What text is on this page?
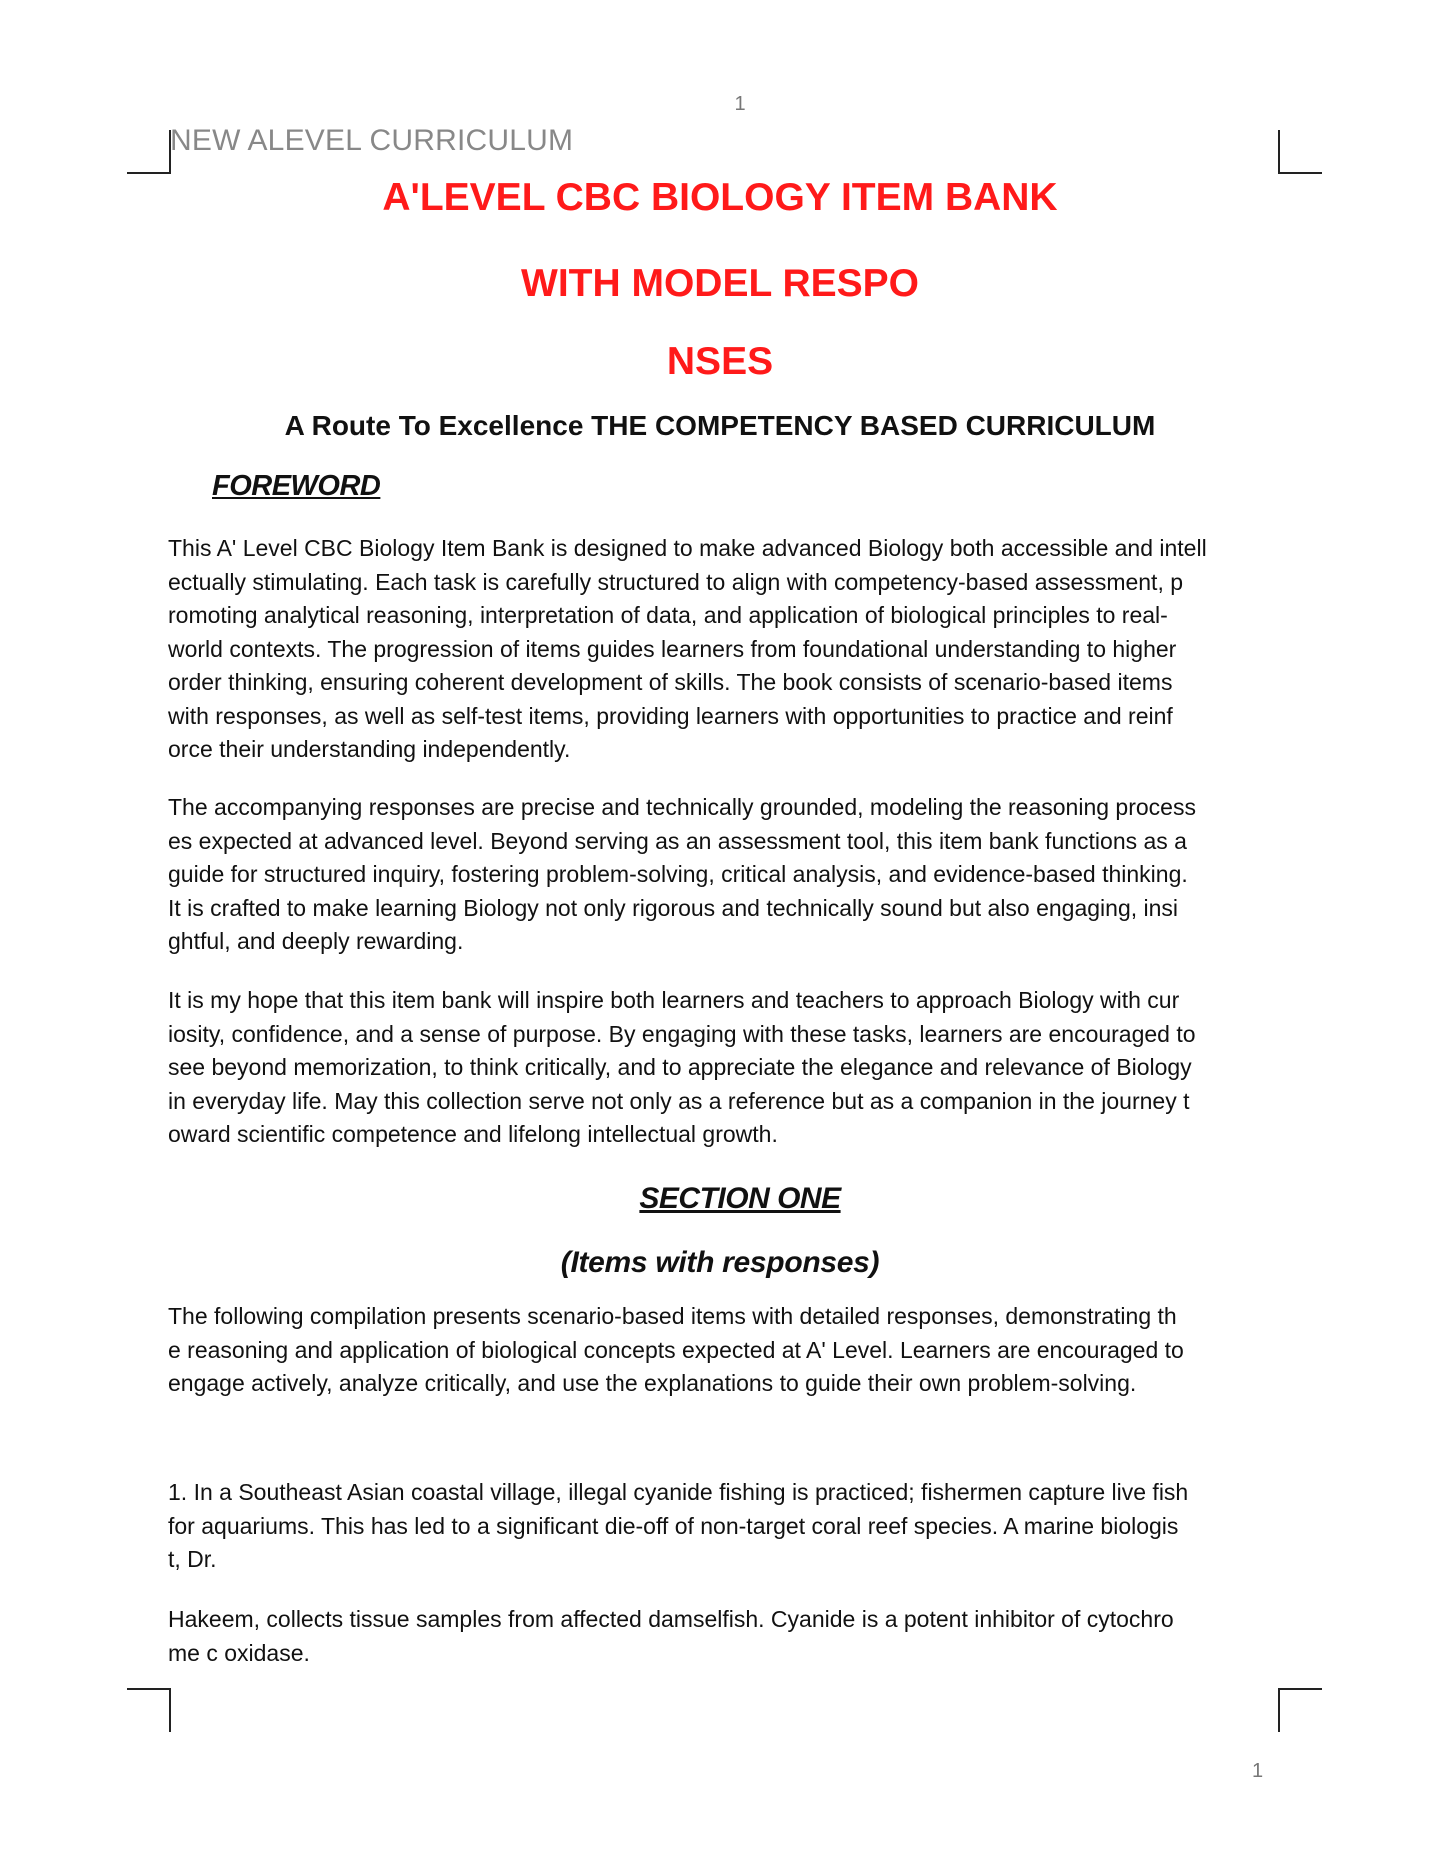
1
NEW ALEVEL CURRICULUM
A'LEVEL CBC BIOLOGY ITEM BANK
WITH MODEL RESPO
NSES
A Route To Excellence THE COMPETENCY BASED CURRICULUM
FOREWORD

This A' Level CBC Biology Item Bank is designed to make advanced Biology both accessible and intell
ectually stimulating. Each task is carefully structured to align with competency-based assessment, p
romoting analytical reasoning, interpretation of data, and application of biological principles to real-
world contexts. The progression of items guides learners from foundational understanding to higher
order thinking, ensuring coherent development of skills. The book consists of scenario-based items
with responses, as well as self-test items, providing learners with opportunities to practice and reinf
orce their understanding independently.

The accompanying responses are precise and technically grounded, modeling the reasoning process
es expected at advanced level. Beyond serving as an assessment tool, this item bank functions as a
guide for structured inquiry, fostering problem-solving, critical analysis, and evidence-based thinking.
It is crafted to make learning Biology not only rigorous and technically sound but also engaging, insi
ghtful, and deeply rewarding.

It is my hope that this item bank will inspire both learners and teachers to approach Biology with cur
iosity, confidence, and a sense of purpose. By engaging with these tasks, learners are encouraged to
see beyond memorization, to think critically, and to appreciate the elegance and relevance of Biology
in everyday life. May this collection serve not only as a reference but as a companion in the journey t
oward scientific competence and lifelong intellectual growth.

SECTION ONE
(Items with responses)

The following compilation presents scenario-based items with detailed responses, demonstrating th
e reasoning and application of biological concepts expected at A' Level. Learners are encouraged to
engage actively, analyze critically, and use the explanations to guide their own problem-solving.

1. In a Southeast Asian coastal village, illegal cyanide fishing is practiced; fishermen capture live fish
for aquariums. This has led to a significant die-off of non-target coral reef species. A marine biologis
t, Dr.

Hakeem, collects tissue samples from affected damselfish. Cyanide is a potent inhibitor of cytochro
me c oxidase.

1
